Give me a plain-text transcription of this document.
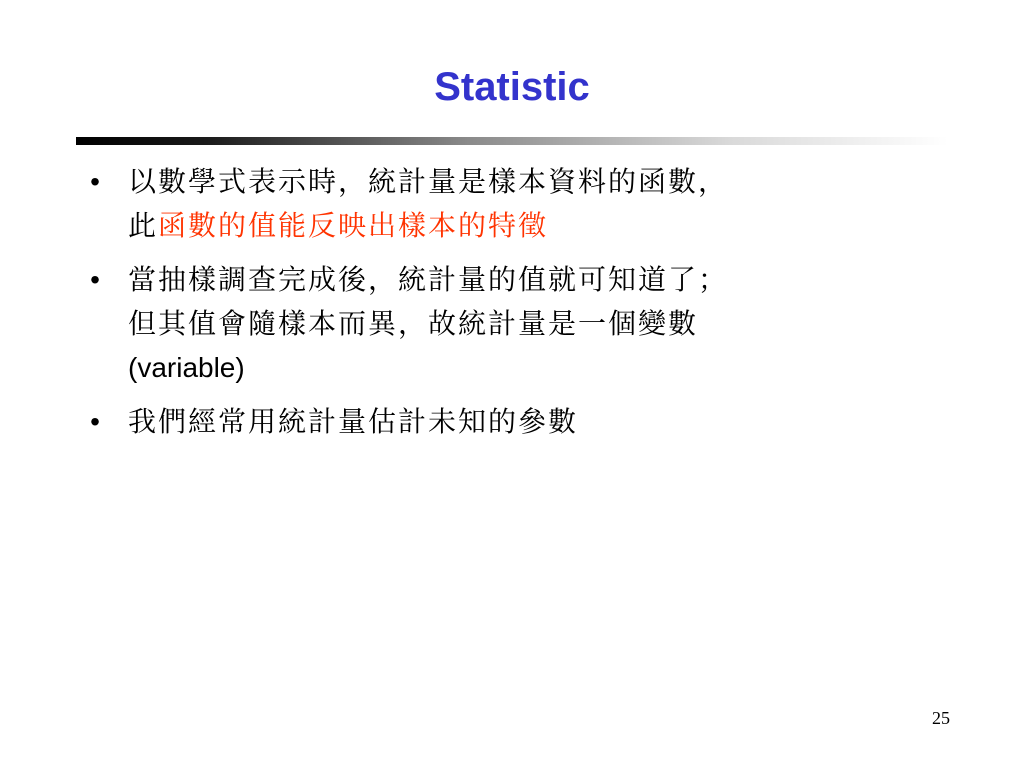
Statistic
• 以數學式表示時，統計量是樣本資料的函數，
此函數的值能反映出樣本的特徵
• 當抽樣調查完成後，統計量的值就可知道了；
但其值會隨樣本而異，故統計量是一個變數
(variable)
• 我們經常用統計量估計未知的參數
25
